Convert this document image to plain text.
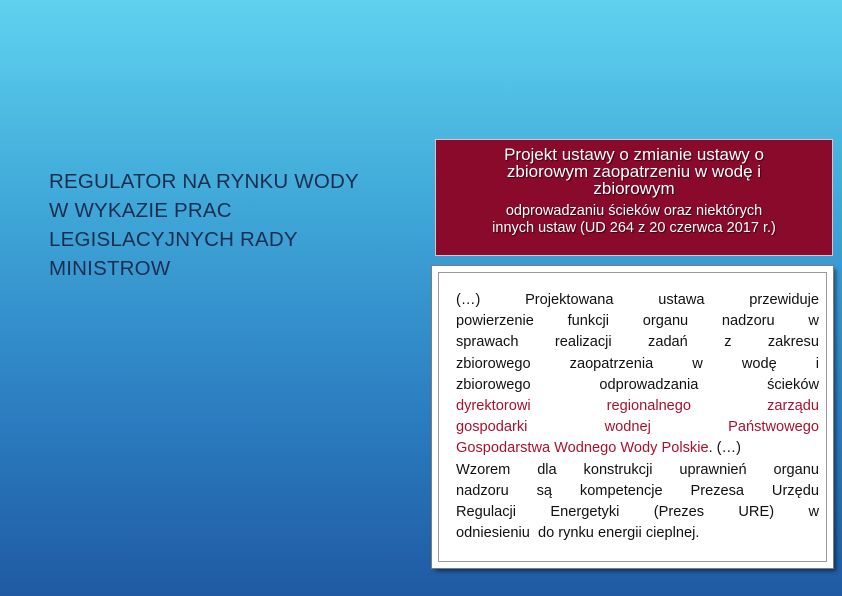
REGULATOR NA RYNKU WODY
W WYKAZIE PRAC
LEGISLACYJNYCH RADY
MINISTROW
Projekt ustawy o zmianie ustawy o
zbiorowym zaopatrzeniu w wodę i
zbiorowym
odprowadzaniu ścieków oraz niektórych
innych ustaw (UD 264 z 20 czerwca 2017 r.)
(…)	Projektowana	ustawa	przewiduje
powierzenie funkcji organu nadzoru w
sprawach realizacji zadań z zakresu
zbiorowego	zaopatrzenia	w	wodę	i
zbiorowego	odprowadzania	ścieków
dyrektorowi	regionalnego	zarządu
gospodarki	wodnej	Państwowego
Gospodarstwa Wodnego Wody Polskie . (…)
Wzorem dla konstrukcji uprawnień organu
nadzoru są kompetencje Prezesa Urzędu
Regulacji Energetyki (Prezes URE) w
odniesieniu  do rynku energii cieplnej.
